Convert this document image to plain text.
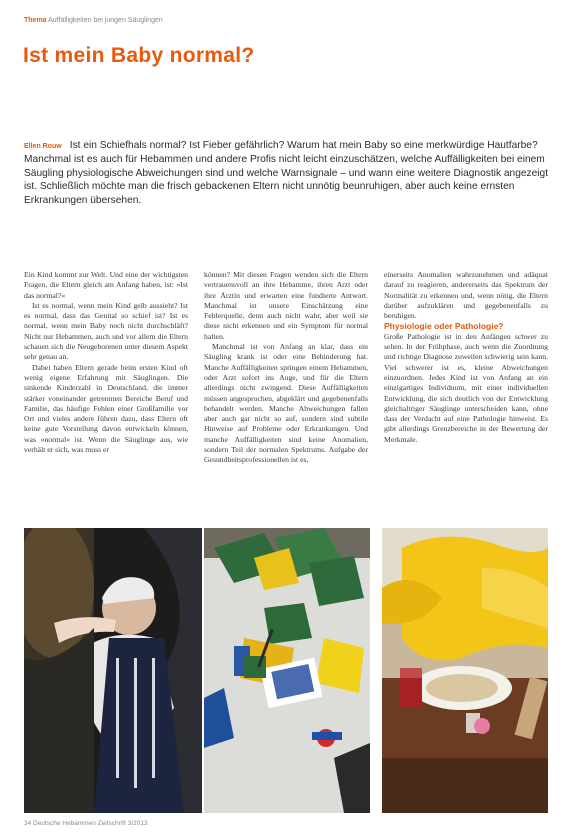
Thema Auffälligkeiten bei jungen Säuglingen
Ist mein Baby normal?
Ellen Rouw Ist ein Schiefhals normal? Ist Fieber gefährlich? Warum hat mein Baby so eine merkwürdige Hautfarbe? Manchmal ist es auch für Hebammen und andere Profis nicht leicht einzuschätzen, welche Auffälligkeiten bei einem Säugling physiologische Abweichungen sind und welche Warnsignale – und wann eine weitere Diagnostik angezeigt ist. Schließlich möchte man die frisch gebackenen Eltern nicht unnötig beunruhigen, aber auch keine ernsten Erkrankungen übersehen.

Ein Kind kommt zur Welt. Und eine der wichtigsten Fragen, die Eltern gleich am Anfang haben, ist: »Ist das normal?«

Ist es normal, wenn mein Kind gelb aussieht? Ist es normal, dass das Genital so schief ist? Ist es normal, wenn mein Baby noch nicht durchschläft? Nicht nur Hebammen, auch und vor allem die Eltern schauen sich die Neugeborenen unter diesem Aspekt sehr genau an.

Dabei haben Eltern gerade beim ersten Kind oft wenig eigene Erfahrung mit Säuglingen. Die sinkende Kinderzahl in Deutschland, die immer stärker voneinander getrennten Bereiche Beruf und Familie, das häufige Fehlen einer Großfamilie vor Ort und vieles andere führen dazu, dass Eltern oft keine gute Vorstellung davon entwickeln können, was »normal« ist. Wenn die Säuglinge aus, wie verhält er sich, was muss er

können? Mit diesen Fragen wenden sich die Eltern vertrauensvoll an ihre Hebamme, ihren Arzt oder ihre Ärztin und erwarten eine fundierte Antwort. Manchmal ist unsere Einschätzung eine Fehlerquelle, denn auch nicht wahr, aber weil sie diese nicht erkennen und ein Symptom für normal halten.

Manchmal ist von Anfang an klar, dass ein Säugling krank ist oder eine Behinderung hat. Manche Auffälligkeiten springen einem Hebammen, oder Arzt sofort ins Auge, und für die Eltern allerdings nicht zwingend. Diese Auffälligkeiten müssen angesprochen, abgeklärt und gegebenenfalls behandelt werden. Manche Abweichungen fallen aber auch gar nicht so auf, sondern sind subtile Hinweise auf Probleme oder Erkrankungen. Und manche Auffälligkeiten sind keine Anomalien, sondern Teil der normalen Spektrums. Aufgabe der Gesundheitsprofessionellen ist es,

einerseits Anomalien wahrzunehmen und adäquat darauf zu reagieren, andererseits das Spektrum der Normalität zu erkennen und, wenn nötig, die Eltern darüber aufzuklären und gegebenenfalls zu beruhigen.

Physiologie oder Pathologie?

Große Pathologie ist in den Anfängen schwer zu sehen. In der Frühphase, auch wenn die Zuordnung und richtige Diagnose zuweilen schwierig sein kann. Viel schwerer ist es, kleine Abweichungen einzuordnen. Jedes Kind ist von Anfang an ein einzigartiges Individuum, mit einer individuellen Entwicklung, die sich deutlich von der Entwicklung gleichaltriger Säuglinge unterscheiden kann, ohne dass der Verdacht auf eine Pathologie hinweist. Es gibt allerdings Grenzbereiche in der Bewertung der Merkmale.

34 Deutsche Hebammen Zeitschrift 3/2013
